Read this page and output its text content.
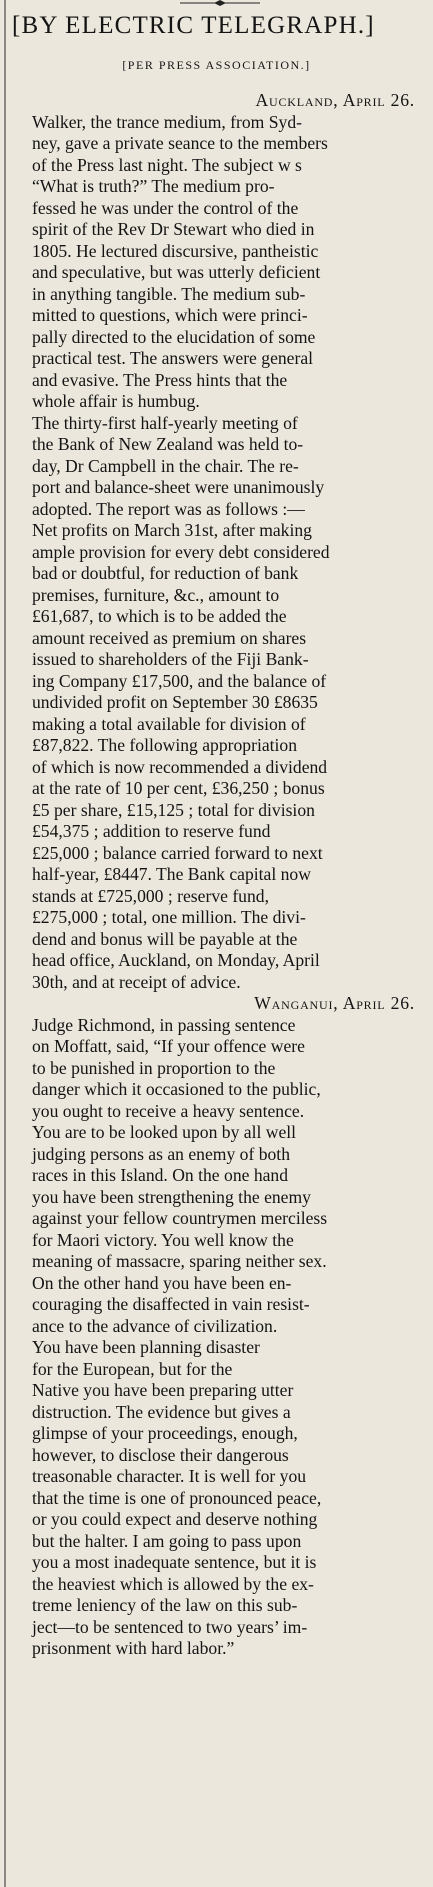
[BY ELECTRIC TELEGRAPH.]
[PER PRESS ASSOCIATION.]
Auckland, April 26.
Walker, the trance medium, from Syd-
ney, gave a private seance to the members
of the Press last night. The subject w s
“What is truth?” The medium pro-
fessed he was under the control of the
spirit of the Rev Dr Stewart who died in
1805. He lectured discursive, pantheistic
and speculative, but was utterly deficient
in anything tangible. The medium sub-
mitted to questions, which were princi-
pally directed to the elucidation of some
practical test. The answers were general
and evasive. The Press hints that the
whole affair is humbug.
The thirty-first half-yearly meeting of
the Bank of New Zealand was held to-
day, Dr Campbell in the chair. The re-
port and balance-sheet were unanimously
adopted. The report was as follows :—
Net profits on March 31st, after making
ample provision for every debt considered
bad or doubtful, for reduction of bank
premises, furniture, &c., amount to
£61,687, to which is to be added the
amount received as premium on shares
issued to shareholders of the Fiji Bank-
ing Company £17,500, and the balance of
undivided profit on September 30 £8635
making a total available for division of
£87,822. The following appropriation
of which is now recommended a dividend
at the rate of 10 per cent, £36,250 ; bonus
£5 per share, £15,125 ; total for division
£54,375 ; addition to reserve fund
£25,000 ; balance carried forward to next
half-year, £8447. The Bank capital now
stands at £725,000 ; reserve fund,
£275,000 ; total, one million. The divi-
dend and bonus will be payable at the
head office, Auckland, on Monday, April
30th, and at receipt of advice.
Wanganui, April 26.
Judge Richmond, in passing sentence
on Moffatt, said, “If your offence were
to be punished in proportion to the
danger which it occasioned to the public,
you ought to receive a heavy sentence.
You are to be looked upon by all well
judging persons as an enemy of both
races in this Island. On the one hand
you have been strengthening the enemy
against your fellow countrymen merciless
for Maori victory. You well know the
meaning of massacre, sparing neither sex.
On the other hand you have been en-
couraging the disaffected in vain resist-
ance to the advance of civilization.
You have been planning disaster
for the European, but for the
Native you have been preparing utter
distruction. The evidence but gives a
glimpse of your proceedings, enough,
however, to disclose their dangerous
treasonable character. It is well for you
that the time is one of pronounced peace,
or you could expect and deserve nothing
but the halter. I am going to pass upon
you a most inadequate sentence, but it is
the heaviest which is allowed by the ex-
treme leniency of the law on this sub-
ject—to be sentenced to two years’ im-
prisonment with hard labor.”
